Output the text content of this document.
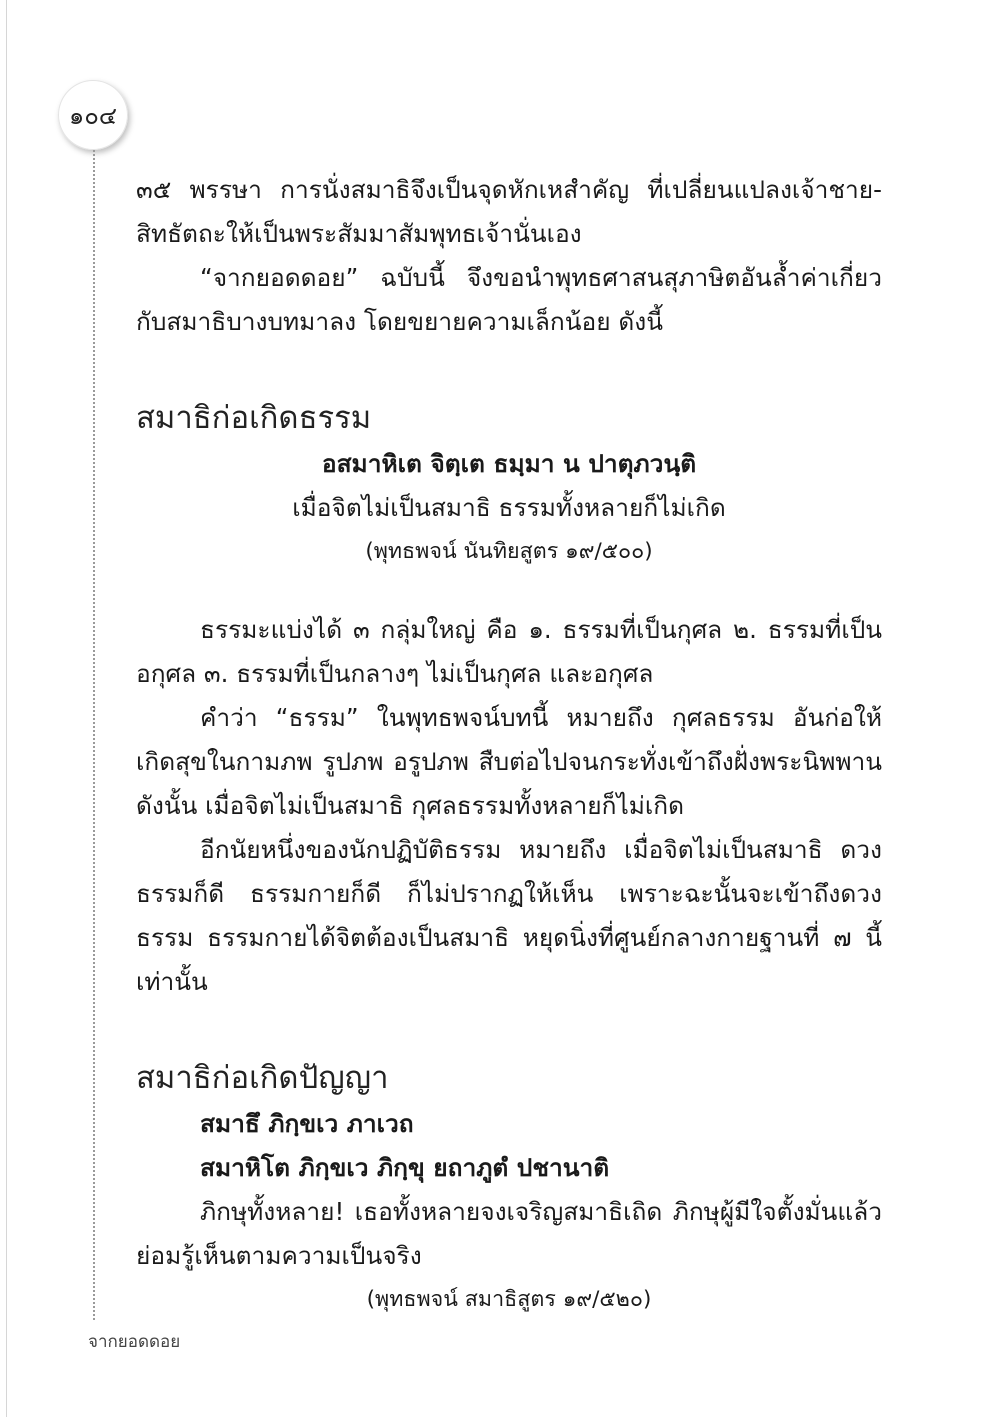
๑๐๔
๓๕ พรรษา การนั่งสมาธิจึงเป็นจุดหักเหสำคัญ ที่เปลี่ยนแปลงเจ้าชาย-
สิทธัตถะให้เป็นพระสัมมาสัมพุทธเจ้านั่นเอง
“จากยอดดอย” ฉบับนี้ จึงขอนำพุทธศาสนสุภาษิตอันล้ำค่าเกี่ยวกับสมาธิบางบทมาลง โดยขยายความเล็กน้อย ดังนี้
สมาธิก่อเกิดธรรม
อสมาหิเต จิตฺเต ธมฺมา น ปาตุภวนฺติ
เมื่อจิตไม่เป็นสมาธิ ธรรมทั้งหลายก็ไม่เกิด
(พุทธพจน์ นันทิยสูตร ๑๙/๕๐๐)
ธรรมะแบ่งได้ ๓ กลุ่มใหญ่ คือ ๑. ธรรมที่เป็นกุศล ๒. ธรรมที่เป็นอกุศล ๓. ธรรมที่เป็นกลางๆ ไม่เป็นกุศล และอกุศล
คำว่า “ธรรม” ในพุทธพจน์บทนี้ หมายถึง กุศลธรรม อันก่อให้เกิดสุขในกามภพ รูปภพ อรูปภพ สืบต่อไปจนกระทั่งเข้าถึงฝั่งพระนิพพาน ดังนั้น เมื่อจิตไม่เป็นสมาธิ กุศลธรรมทั้งหลายก็ไม่เกิด
อีกนัยหนึ่งของนักปฏิบัติธรรม หมายถึง เมื่อจิตไม่เป็นสมาธิ ดวงธรรมก็ดี ธรรมกายก็ดี ก็ไม่ปรากฏให้เห็น เพราะฉะนั้นจะเข้าถึงดวงธรรม ธรรมกายได้จิตต้องเป็นสมาธิ หยุดนิ่งที่ศูนย์กลางกายฐานที่ ๗ นี้เท่านั้น
สมาธิก่อเกิดปัญญา
สมาธึ ภิกฺขเว ภาเวถ
สมาหิโต ภิกฺขเว ภิกฺขุ ยถาภูตํ ปชานาติ
ภิกษุทั้งหลาย! เธอทั้งหลายจงเจริญสมาธิเถิด ภิกษุผู้มีใจตั้งมั่นแล้วย่อมรู้เห็นตามความเป็นจริง
(พุทธพจน์ สมาธิสูตร ๑๙/๕๒๐)
จากยอดดอย
